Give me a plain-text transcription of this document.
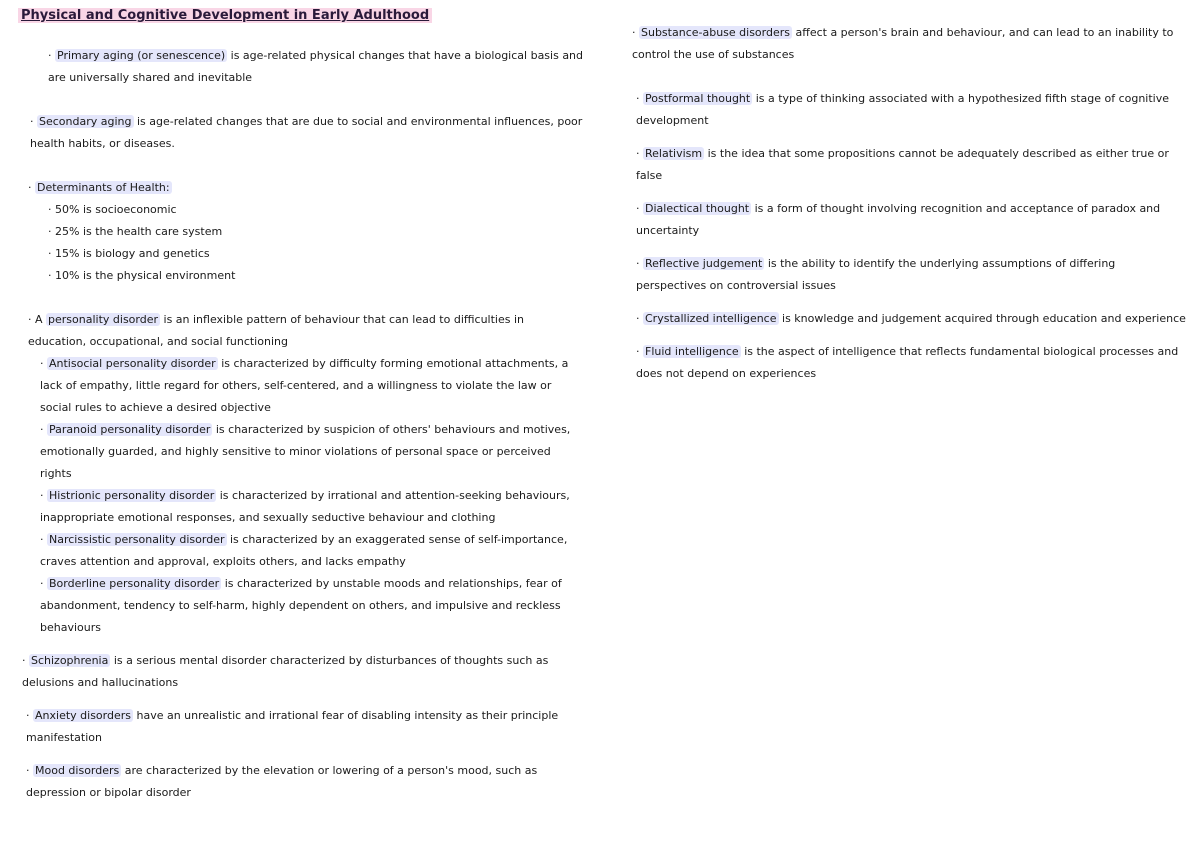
Physical and Cognitive Development in Early Adulthood

· Primary aging (or senescence) is age-related physical changes that have a biological basis and are universally shared and inevitable

· Secondary aging is age-related changes that are due to social and environmental influences, poor health habits, or diseases.

· Determinants of Health:

· 50% is socioeconomic

· 25% is the health care system

· 15% is biology and genetics

· 10% is the physical environment

· A personality disorder is an inflexible pattern of behaviour that can lead to difficulties in education, occupational, and social functioning

· Antisocial personality disorder is characterized by difficulty forming emotional attachments, a lack of empathy, little regard for others, self-centered, and a willingness to violate the law or social rules to achieve a desired objective

· Paranoid personality disorder is characterized by suspicion of others' behaviours and motives, emotionally guarded, and highly sensitive to minor violations of personal space or perceived rights

· Histrionic personality disorder is characterized by irrational and attention-seeking behaviours, inappropriate emotional responses, and sexually seductive behaviour and clothing

· Narcissistic personality disorder is characterized by an exaggerated sense of self-importance, craves attention and approval, exploits others, and lacks empathy

· Borderline personality disorder is characterized by unstable moods and relationships, fear of abandonment, tendency to self-harm, highly dependent on others, and impulsive and reckless behaviours

· Schizophrenia is a serious mental disorder characterized by disturbances of thoughts such as delusions and hallucinations

· Anxiety disorders have an unrealistic and irrational fear of disabling intensity as their principle manifestation

· Mood disorders are characterized by the elevation or lowering of a person's mood, such as depression or bipolar disorder

· Substance-abuse disorders affect a person's brain and behaviour, and can lead to an inability to control the use of substances

· Postformal thought is a type of thinking associated with a hypothesized fifth stage of cognitive development

· Relativism is the idea that some propositions cannot be adequately described as either true or false

· Dialectical thought is a form of thought involving recognition and acceptance of paradox and uncertainty

· Reflective judgement is the ability to identify the underlying assumptions of differing perspectives on controversial issues

· Crystallized intelligence is knowledge and judgement acquired through education and experience

· Fluid intelligence is the aspect of intelligence that reflects fundamental biological processes and does not depend on experiences
